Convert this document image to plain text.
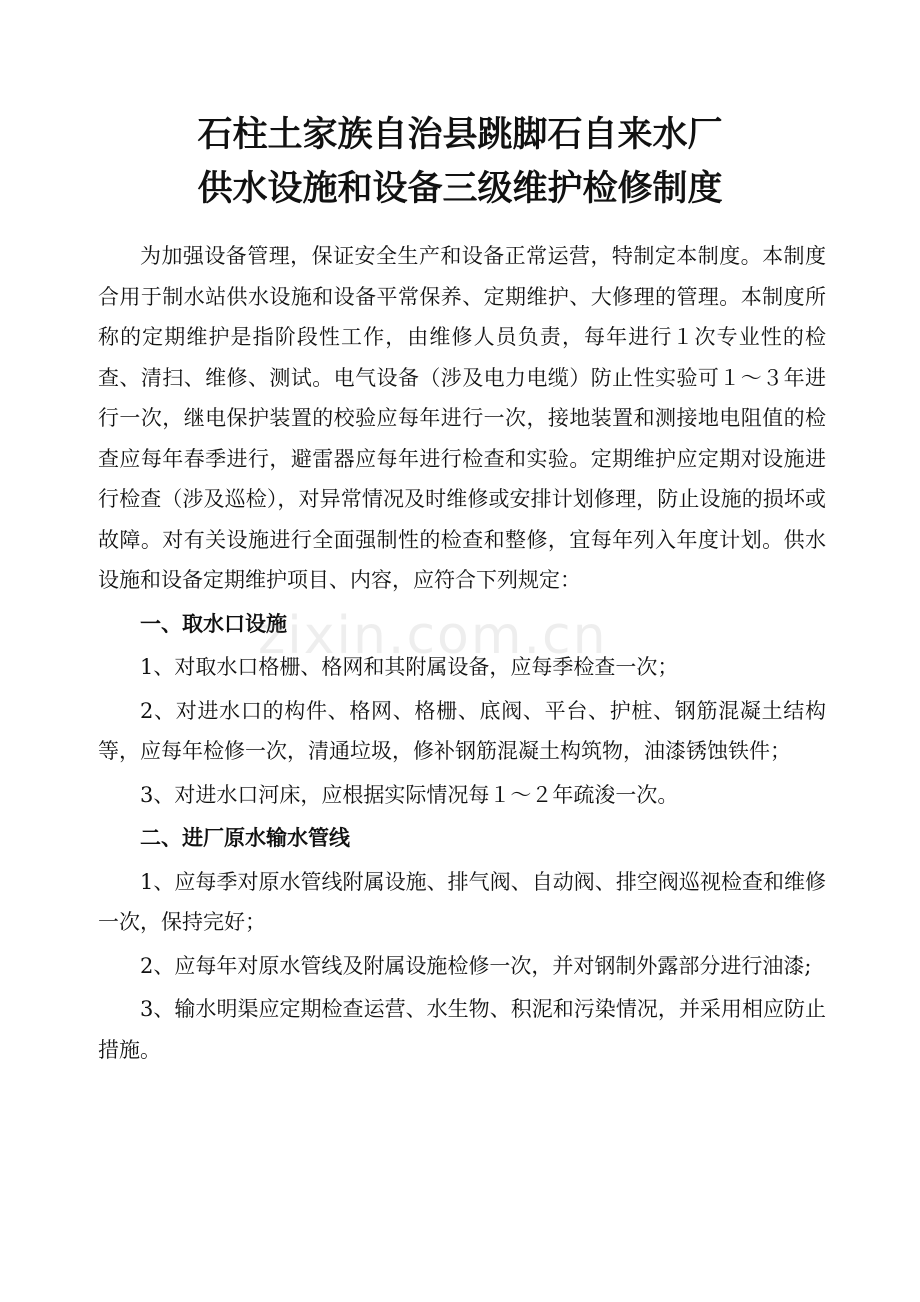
石柱土家族自治县跳脚石自来水厂
供水设施和设备三级维护检修制度

为加强设备管理，保证安全生产和设备正常运营，特制定本制度。本制度合用于制水站供水设施和设备平常保养、定期维护、大修理的管理。本制度所称的定期维护是指阶段性工作，由维修人员负责，每年进行１次专业性的检查、清扫、维修、测试。电气设备（涉及电力电缆）防止性实验可１～３年进行一次，继电保护装置的校验应每年进行一次，接地装置和测接地电阻值的检查应每年春季进行，避雷器应每年进行检查和实验。定期维护应定期对设施进行检查（涉及巡检），对异常情况及时维修或安排计划修理，防止设施的损坏或故障。对有关设施进行全面强制性的检查和整修，宜每年列入年度计划。供水设施和设备定期维护项目、内容，应符合下列规定：

一、取水口设施

1、对取水口格栅、格网和其附属设备，应每季检查一次；

2、对进水口的构件、格网、格栅、底阀、平台、护桩、钢筋混凝土结构等，应每年检修一次，清通垃圾，修补钢筋混凝土构筑物，油漆锈蚀铁件；

3、对进水口河床，应根据实际情况每１～２年疏浚一次。

二、进厂原水输水管线

1、应每季对原水管线附属设施、排气阀、自动阀、排空阀巡视检查和维修一次，保持完好；

2、应每年对原水管线及附属设施检修一次，并对钢制外露部分进行油漆;

3、输水明渠应定期检查运营、水生物、积泥和污染情况，并采用相应防止措施。

zixin.com.cn
